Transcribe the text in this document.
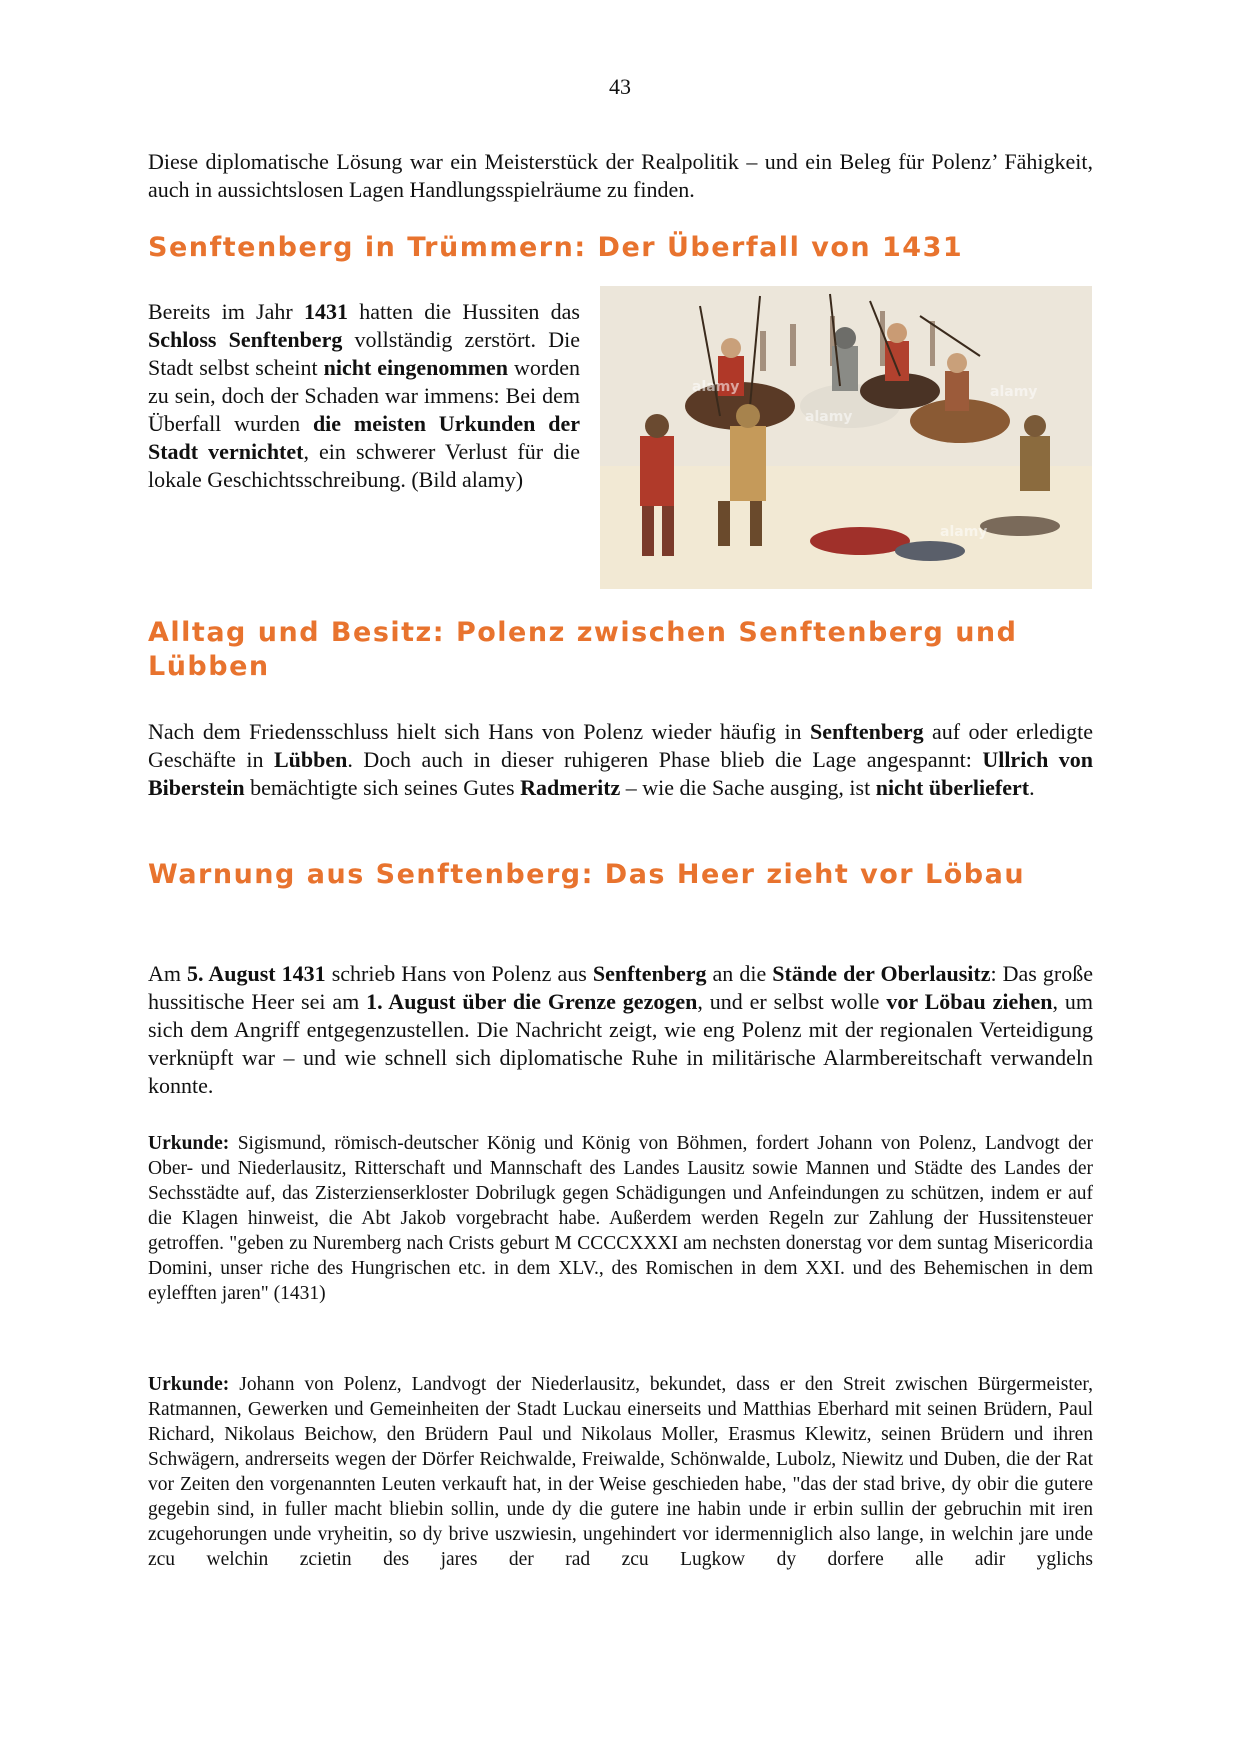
43

Diese diplomatische Lösung war ein Meisterstück der Realpolitik – und ein Beleg für Polenz’ Fähigkeit, auch in aussichtslosen Lagen Handlungsspielräume zu finden.

Senftenberg in Trümmern: Der Überfall von 1431

Bereits im Jahr 1431 hatten die Hussiten das Schloss Senftenberg vollständig zerstört. Die Stadt selbst scheint nicht eingenommen worden zu sein, doch der Schaden war immens: Bei dem Überfall wurden die meisten Urkunden der Stadt vernichtet, ein schwerer Verlust für die lokale Geschichtsschreibung. (Bild alamy)

alamy
alamy
alamy
alamy
Alltag und Besitz: Polenz zwischen Senftenberg und Lübben

Nach dem Friedensschluss hielt sich Hans von Polenz wieder häufig in Senftenberg auf oder erledigte Geschäfte in Lübben. Doch auch in dieser ruhigeren Phase blieb die Lage angespannt: Ullrich von Biberstein bemächtigte sich seines Gutes Radmeritz – wie die Sache ausging, ist nicht überliefert.

Warnung aus Senftenberg: Das Heer zieht vor Löbau

Am 5. August 1431 schrieb Hans von Polenz aus Senftenberg an die Stände der Oberlausitz: Das große hussitische Heer sei am 1. August über die Grenze gezogen, und er selbst wolle vor Löbau ziehen, um sich dem Angriff entgegenzustellen. Die Nachricht zeigt, wie eng Polenz mit der regionalen Verteidigung verknüpft war – und wie schnell sich diplomatische Ruhe in militärische Alarmbereitschaft verwandeln konnte.

Urkunde: Sigismund, römisch-deutscher König und König von Böhmen, fordert Johann von Polenz, Landvogt der Ober- und Niederlausitz, Ritterschaft und Mannschaft des Landes Lausitz sowie Mannen und Städte des Landes der Sechsstädte auf, das Zisterzienserkloster Dobrilugk gegen Schädigungen und Anfeindungen zu schützen, indem er auf die Klagen hinweist, die Abt Jakob vorgebracht habe. Außerdem werden Regeln zur Zahlung der Hussitensteuer getroffen. "geben zu Nuremberg nach Crists geburt M CCCCXXXI am nechsten donerstag vor dem suntag Misericordia Domini, unser riche des Hungrischen etc. in dem XLV., des Romischen in dem XXI. und des Behemischen in dem eylefften jaren" (1431)

Urkunde: Johann von Polenz, Landvogt der Niederlausitz, bekundet, dass er den Streit zwischen Bürgermeister, Ratmannen, Gewerken und Gemeinheiten der Stadt Luckau einerseits und Matthias Eberhard mit seinen Brüdern, Paul Richard, Nikolaus Beichow, den Brüdern Paul und Nikolaus Moller, Erasmus Klewitz, seinen Brüdern und ihren Schwägern, andrerseits wegen der Dörfer Reichwalde, Freiwalde, Schönwalde, Lubolz, Niewitz und Duben, die der Rat vor Zeiten den vorgenannten Leuten verkauft hat, in der Weise geschieden habe, "das der stad brive, dy obir die gutere gegebin sind, in fuller macht bliebin sollin, unde dy die gutere ine habin unde ir erbin sullin der gebruchin mit iren zcugehorungen unde vryheitin, so dy brive uszwiesin, ungehindert vor idermenniglich also lange, in welchin jare unde zcu welchin zcietin des jares der rad zcu Lugkow dy dorfere alle adir yglichs
